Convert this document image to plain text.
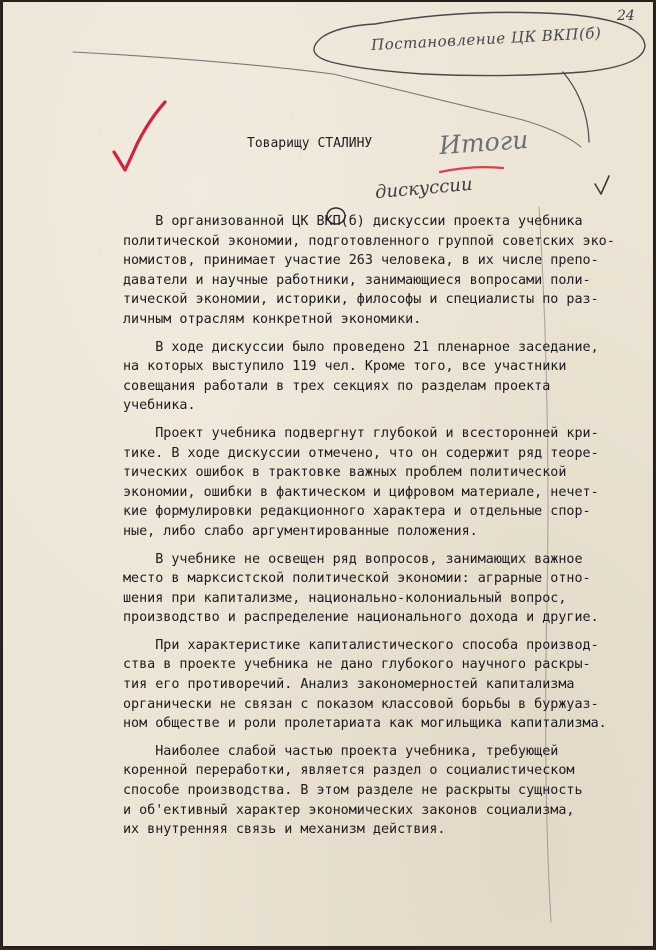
24
Постановление ЦК ВКП(б)
Итоги
дискуссии
Товарищу СТАЛИНУ
В организованной ЦК ВКП(б) дискуссии проекта учебника
политической экономии, подготовленного группой советских эко-
номистов, принимает участие 263 человека, в их числе препо-
даватели и научные работники, занимающиеся вопросами поли-
тической экономии, историки, философы и специалисты по раз-
личным отраслям конкретной экономики.
В ходе дискуссии было проведено 21 пленарное заседание,
на которых выступило 119 чел. Кроме того, все участники
совещания работали в трех секциях по разделам проекта
учебника.
Проект учебника подвергнут глубокой и всесторонней кри-
тике. В ходе дискуссии отмечено, что он содержит ряд теоре-
тических ошибок в трактовке важных проблем политической
экономии, ошибки в фактическом и цифровом материале, нечет-
кие формулировки редакционного характера и отдельные спор-
ные, либо слабо аргументированные положения.
В учебнике не освещен ряд вопросов, занимающих важное
место в марксистской политической экономии: аграрные отно-
шения при капитализме, национально-колониальный вопрос,
производство и распределение национального дохода и другие.
При характеристике капиталистического способа производ-
ства в проекте учебника не дано глубокого научного раскры-
тия его противоречий. Анализ закономерностей капитализма
органически не связан с показом классовой борьбы в буржуаз-
ном обществе и роли пролетариата как могильщика капитализма.
Наиболее слабой частью проекта учебника, требующей
коренной переработки, является раздел о социалистическом
способе производства. В этом разделе не раскрыты сущность
и об'ективный характер экономических законов социализма,
их внутренняя связь и механизм действия.
